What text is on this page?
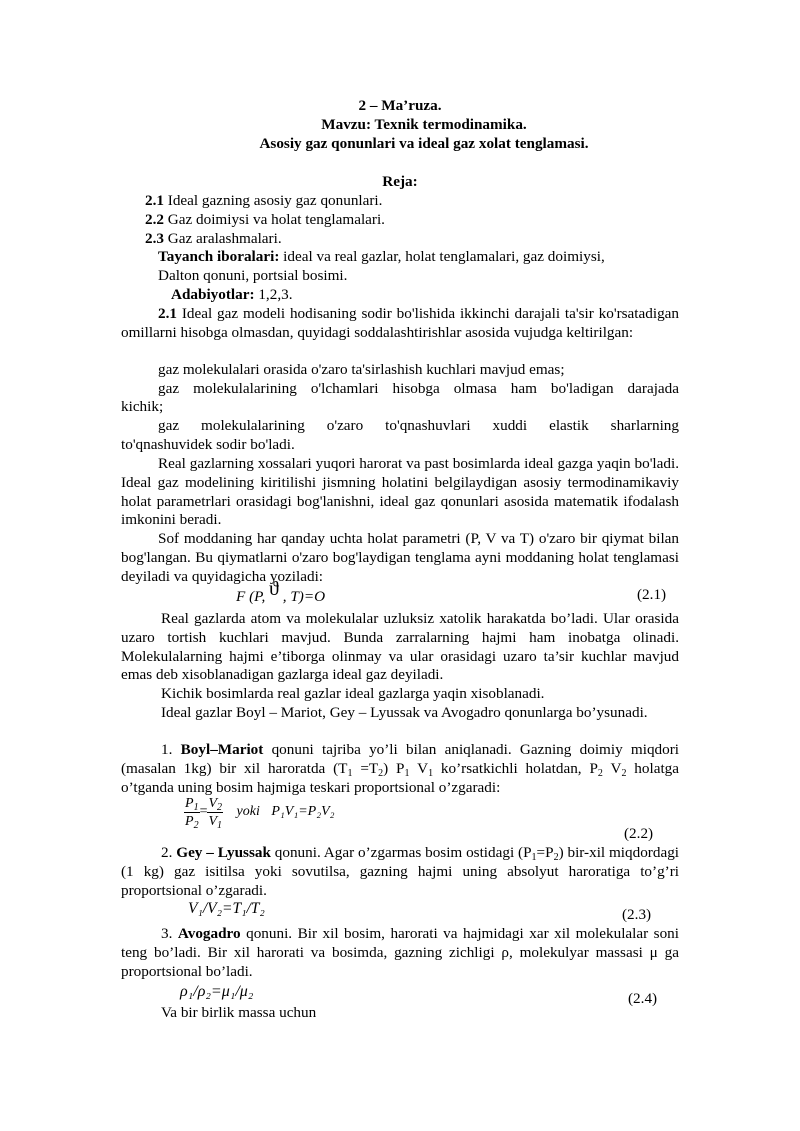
2 – Ma’ruza.
Mavzu: Texnik termodinamika.
Asosiy gaz qonunlari va ideal gaz xolat tenglamasi.
Reja:
2.1 Ideal gazning asosiy gaz qonunlari.
2.2 Gaz doimiysi va holat tenglamalari.
2.3 Gaz aralashmalari.
Tayanch iboralari: ideal va real gazlar, holat tenglamalari, gaz doimiysi,
Dalton qonuni, portsial bosimi.
Adabiyotlar: 1,2,3.
2.1 Ideal gaz modeli hodisaning sodir bo'lishida ikkinchi darajali ta'sir ko'rsatadigan omillarni hisobga olmasdan, quyidagi soddalashtirishlar asosida vujudga keltirilgan:
gaz molekulalari orasida o'zaro ta'sirlashish kuchlari mavjud emas;
gaz molekulalarining o'lchamlari hisobga olmasa ham bo'ladigan darajada
kichik;
gaz molekulalarining o'zaro to'qnashuvlari xuddi elastik sharlarning
to'qnashuvidek sodir bo'ladi.
Real gazlarning xossalari yuqori harorat va past bosimlarda ideal gazga yaqin bo'ladi. Ideal gaz modelining kiritilishi jismning holatini belgilaydigan asosiy termodinamikaviy holat parametrlari orasidagi bog'lanishni, ideal gaz qonunlari asosida matematik ifodalash imkonini beradi.
Sof moddaning har qanday uchta holat parametri (P, V va T) o'zaro bir qiymat bilan bog'langan. Bu qiymatlarni o'zaro bog'laydigan tenglama ayni moddaning holat tenglamasi deyiladi va quyidagicha yoziladi:
F (P, ϑ , T)=O	(2.1)
Real gazlarda atom va molekulalar uzluksiz xatolik harakatda bo’ladi. Ular orasida uzaro tortish kuchlari mavjud. Bunda zarralarning hajmi ham inobatga olinadi. Molekulalarning hajmi e’tiborga olinmay va ular orasidagi uzaro ta’sir kuchlar mavjud emas deb xisoblanadigan gazlarga ideal gaz deyiladi.
Kichik bosimlarda real gazlar ideal gazlarga yaqin xisoblanadi.
Ideal gazlar Boyl – Mariot, Gey – Lyussak va Avogadro qonunlarga bo’ysunadi.
1. Boyl–Mariot qonuni tajriba yo’li bilan aniqlanadi. Gazning doimiy miqdori (masalan 1kg) bir xil haroratda $(T_1 =T_2)$ $P_1$ $V_1$ ko’rsatkichli holatdan, $P_2$ $V_2$ holatga o’tganda uning bosim hajmiga teskari proportsional o’zgaradi:
$\frac{P_1}{P_2} = \frac{V_2}{V_1}$ yoki P₁V₁=P₂V₂
(2.2)
2. Gey – Lyussak qonuni. Agar o’zgarmas bosim ostidagi $(P_1=P_2)$ bir-xil miqdordagi (1 kg) gaz isitilsa yoki sovutilsa, gazning hajmi uning absolyut haroratiga to’g’ri proportsional o’zgaradi.
V₁/V₂=T₁/T₂	(2.3)
3. Avogadro qonuni. Bir xil bosim, harorati va hajmidagi xar xil molekulalar soni teng bo’ladi. Bir xil harorati va bosimda, gazning zichligi ρ, molekulyar massasi μ ga proportsional bo’ladi.
ρ₁/ρ₂=μ₁/μ₂	(2.4)
Va bir birlik massa uchun
